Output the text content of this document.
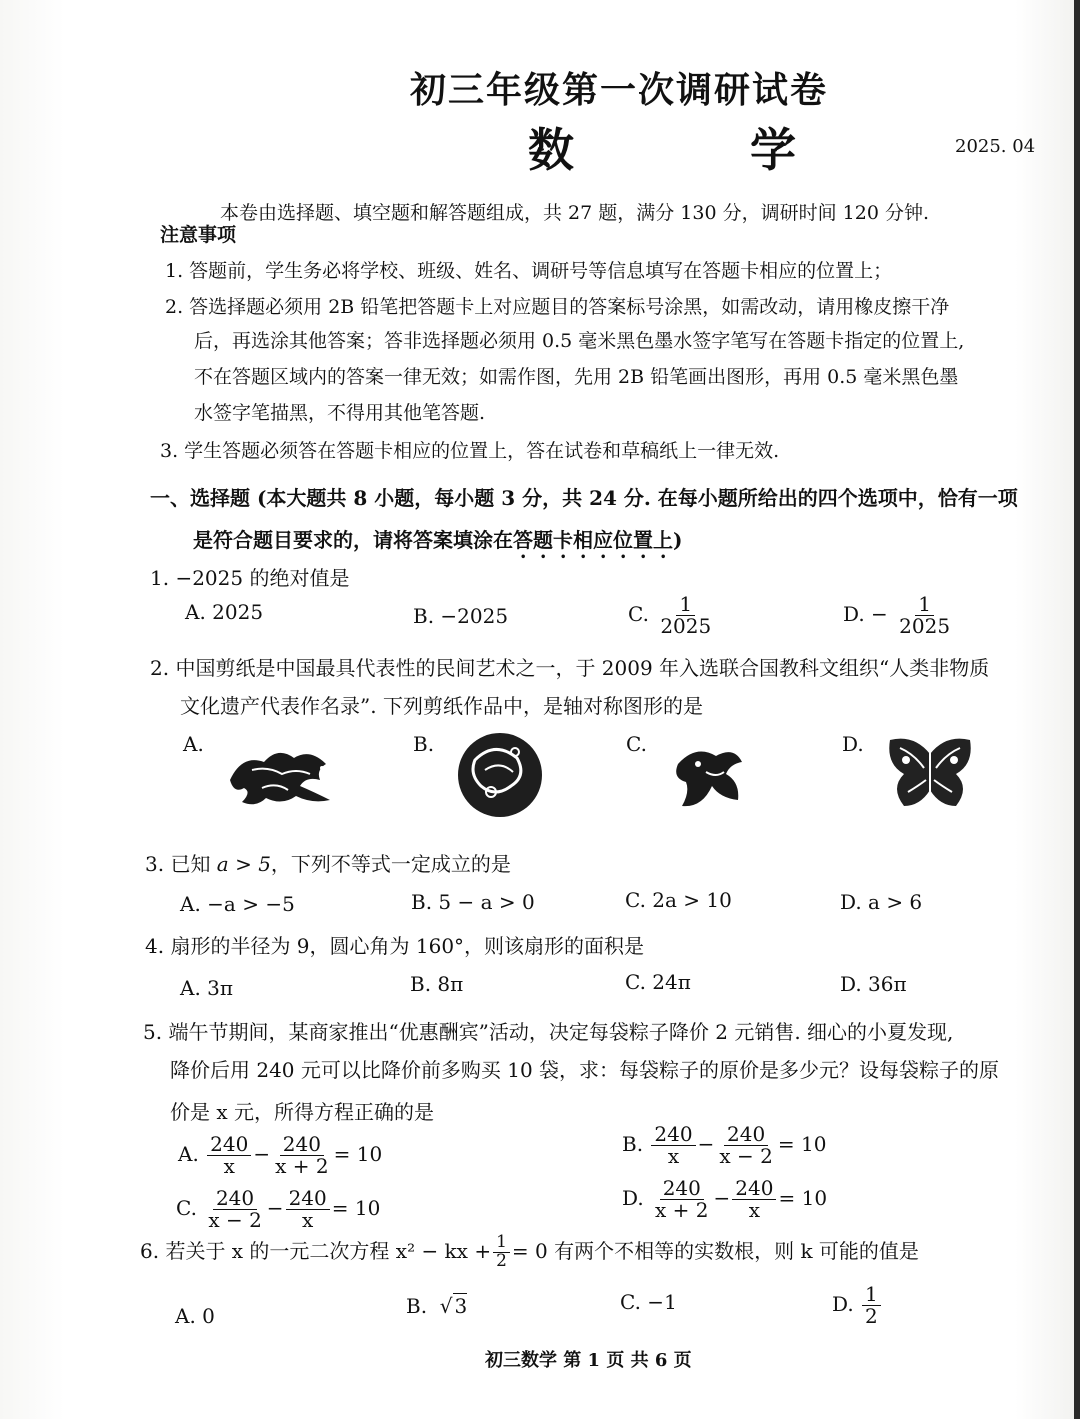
初三年级第一次调研试卷
数 学	2025. 04
本卷由选择题、填空题和解答题组成，共 27 题，满分 130 分，调研时间 120 分钟.
注意事项
1. 答题前，学生务必将学校、班级、姓名、调研号等信息填写在答题卡相应的位置上；
2. 答选择题必须用 2B 铅笔把答题卡上对应题目的答案标号涂黑，如需改动，请用橡皮擦干净
后，再选涂其他答案；答非选择题必须用 0.5 毫米黑色墨水签字笔写在答题卡指定的位置上,
不在答题区域内的答案一律无效；如需作图，先用 2B 铅笔画出图形，再用 0.5 毫米黑色墨
水签字笔描黑，不得用其他笔答题.
3. 学生答题必须答在答题卡相应的位置上，答在试卷和草稿纸上一律无效.
一、选择题 (本大题共 8 小题，每小题 3 分，共 24 分. 在每小题所给出的四个选项中，恰有一项
是符合题目要求的，请将答案填涂在答题卡相应位置上)
1. −2025 的绝对值是
A. 2025	B. −2025	C. $\frac{1}{2025}$	D. − $\frac{1}{2025}$
2. 中国剪纸是中国最具代表性的民间艺术之一，于 2009 年入选联合国教科文组织“人类非物质
文化遗产代表作名录”. 下列剪纸作品中，是轴对称图形的是
A.	B.	C.	D.
3. 已知 a > 5，下列不等式一定成立的是
A. −a > −5	B. 5 − a > 0	C. 2a > 10	D. a > 6
4. 扇形的半径为 9，圆心角为 160°，则该扇形的面积是
A. 3π	B. 8π	C. 24π	D. 36π
5. 端午节期间，某商家推出“优惠酬宾”活动，决定每袋粽子降价 2 元销售. 细心的小夏发现,
降价后用 240 元可以比降价前多购买 10 袋，求：每袋粽子的原价是多少元？设每袋粽子的原
价是 x 元，所得方程正确的是
A. $\frac{240}{x} - \frac{240}{x + 2} = 10$	B. $\frac{240}{x} - \frac{240}{x - 2} = 10$
C. $\frac{240}{x - 2} - \frac{240}{x} = 10$	D. $\frac{240}{x + 2} - \frac{240}{x} = 10$
6. 若关于 x 的一元二次方程 x² − kx + $\frac{1}{2} = 0$ 有两个不相等的实数根，则 k 可能的值是
A. 0	B.  √ 3	C. −1	D. $\frac{1}{2}$
初三数学 第 1 页 共 6 页
